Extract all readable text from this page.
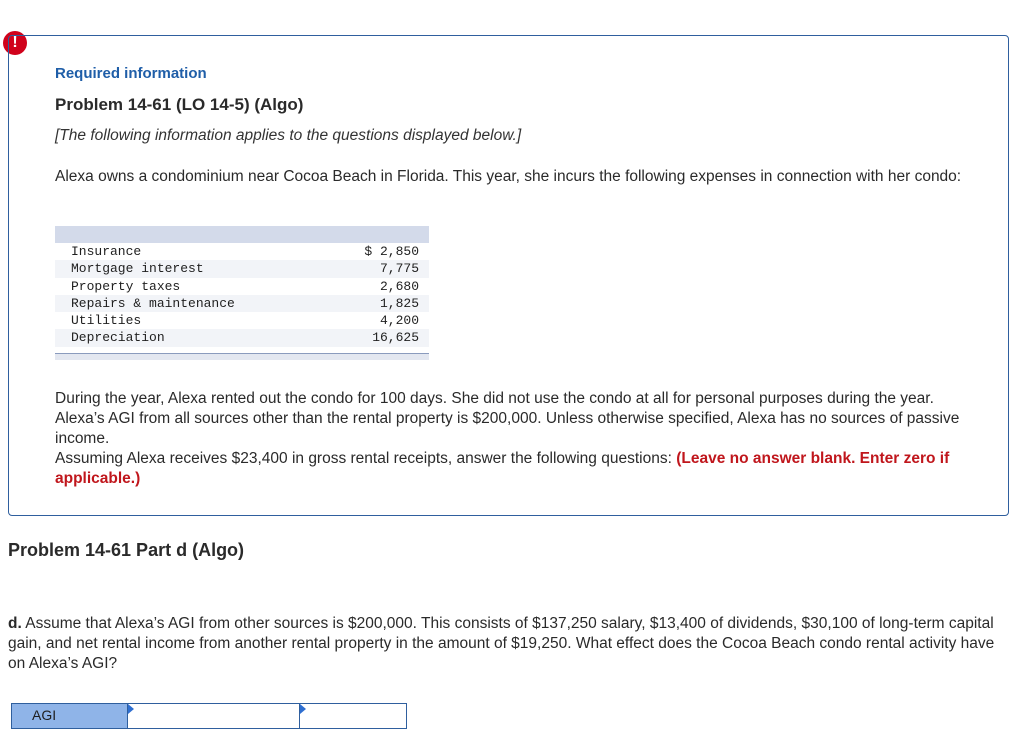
!
Required information
Problem 14-61 (LO 14-5) (Algo)
[The following information applies to the questions displayed below.]
Alexa owns a condominium near Cocoa Beach in Florida. This year, she incurs the following expenses in connection with her condo:
Insurance	$ 2,850
Mortgage interest	7,775
Property taxes	2,680
Repairs & maintenance	1,825
Utilities	4,200
Depreciation	16,625
During the year, Alexa rented out the condo for 100 days. She did not use the condo at all for personal purposes during the year. Alexa’s AGI from all sources other than the rental property is $200,000. Unless otherwise specified, Alexa has no sources of passive income.
Assuming Alexa receives $23,400 in gross rental receipts, answer the following questions: (Leave no answer blank. Enter zero if applicable.)
Problem 14-61 Part d (Algo)
d. Assume that Alexa’s AGI from other sources is $200,000. This consists of $137,250 salary, $13,400 of dividends, $30,100 of long-term capital gain, and net rental income from another rental property in the amount of $19,250. What effect does the Cocoa Beach condo rental activity have on Alexa’s AGI?
AGI
